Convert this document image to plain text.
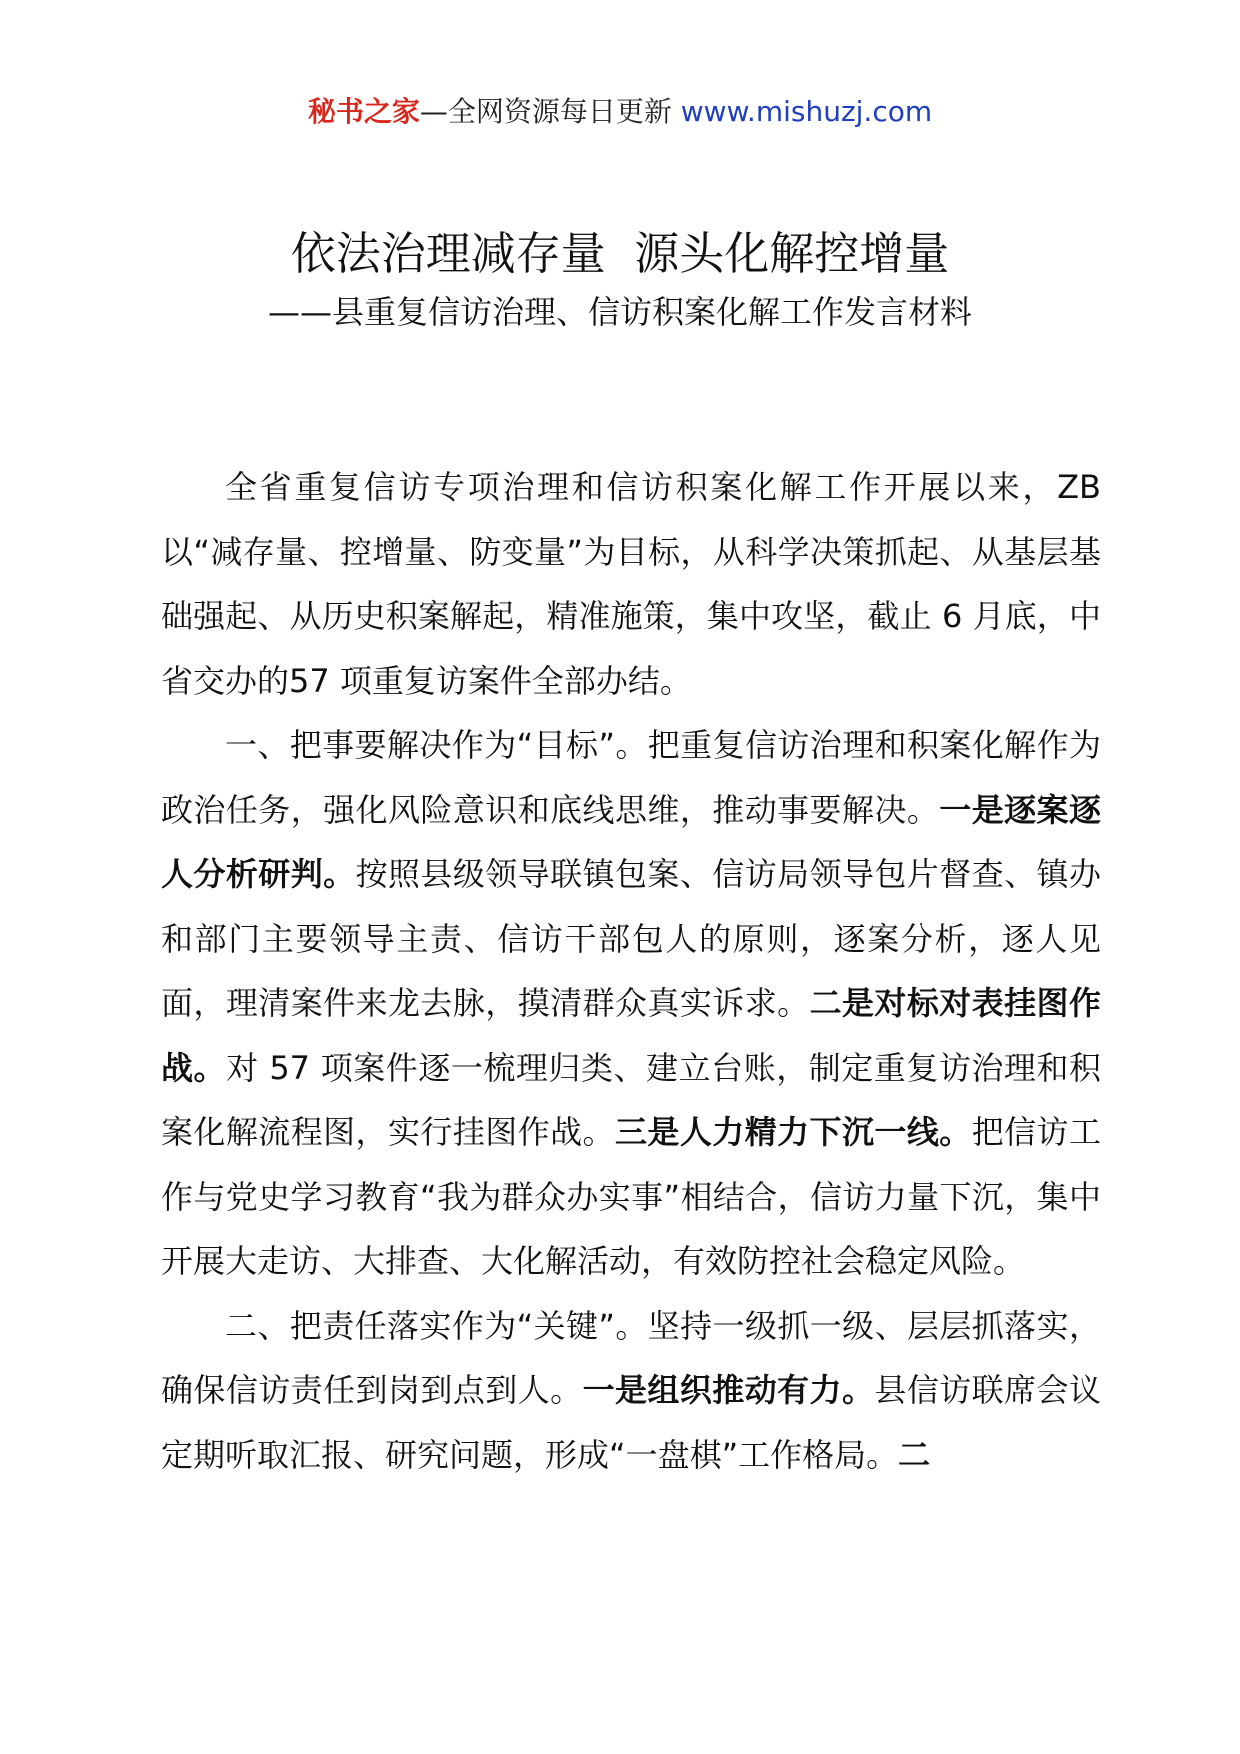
秘书之家—全网资源每日更新 www.mishuzj.com
依法治理减存量  源头化解控增量
——县重复信访治理、信访积案化解工作发言材料

全省重复信访专项治理和信访积案化解工作开展以来，ZB以“减存量、控增量、防变量”为目标，从科学决策抓起、从基层基础强起、从历史积案解起，精准施策，集中攻坚，截止 6 月底，中省交办的57 项重复访案件全部办结。

一、把事要解决作为“目标”。把重复信访治理和积案化解作为政治任务，强化风险意识和底线思维，推动事要解决。一是逐案逐人分析研判。按照县级领导联镇包案、信访局领导包片督查、镇办和部门主要领导主责、信访干部包人的原则，逐案分析，逐人见面，理清案件来龙去脉，摸清群众真实诉求。二是对标对表挂图作战。对 57 项案件逐一梳理归类、建立台账，制定重复访治理和积案化解流程图，实行挂图作战。三是人力精力下沉一线。把信访工作与党史学习教育“我为群众办实事”相结合，信访力量下沉，集中开展大走访、大排查、大化解活动，有效防控社会稳定风险。

二、把责任落实作为“关键”。坚持一级抓一级、层层抓落实，确保信访责任到岗到点到人。一是组织推动有力。县信访联席会议定期听取汇报、研究问题，形成“一盘棋”工作格局。二
